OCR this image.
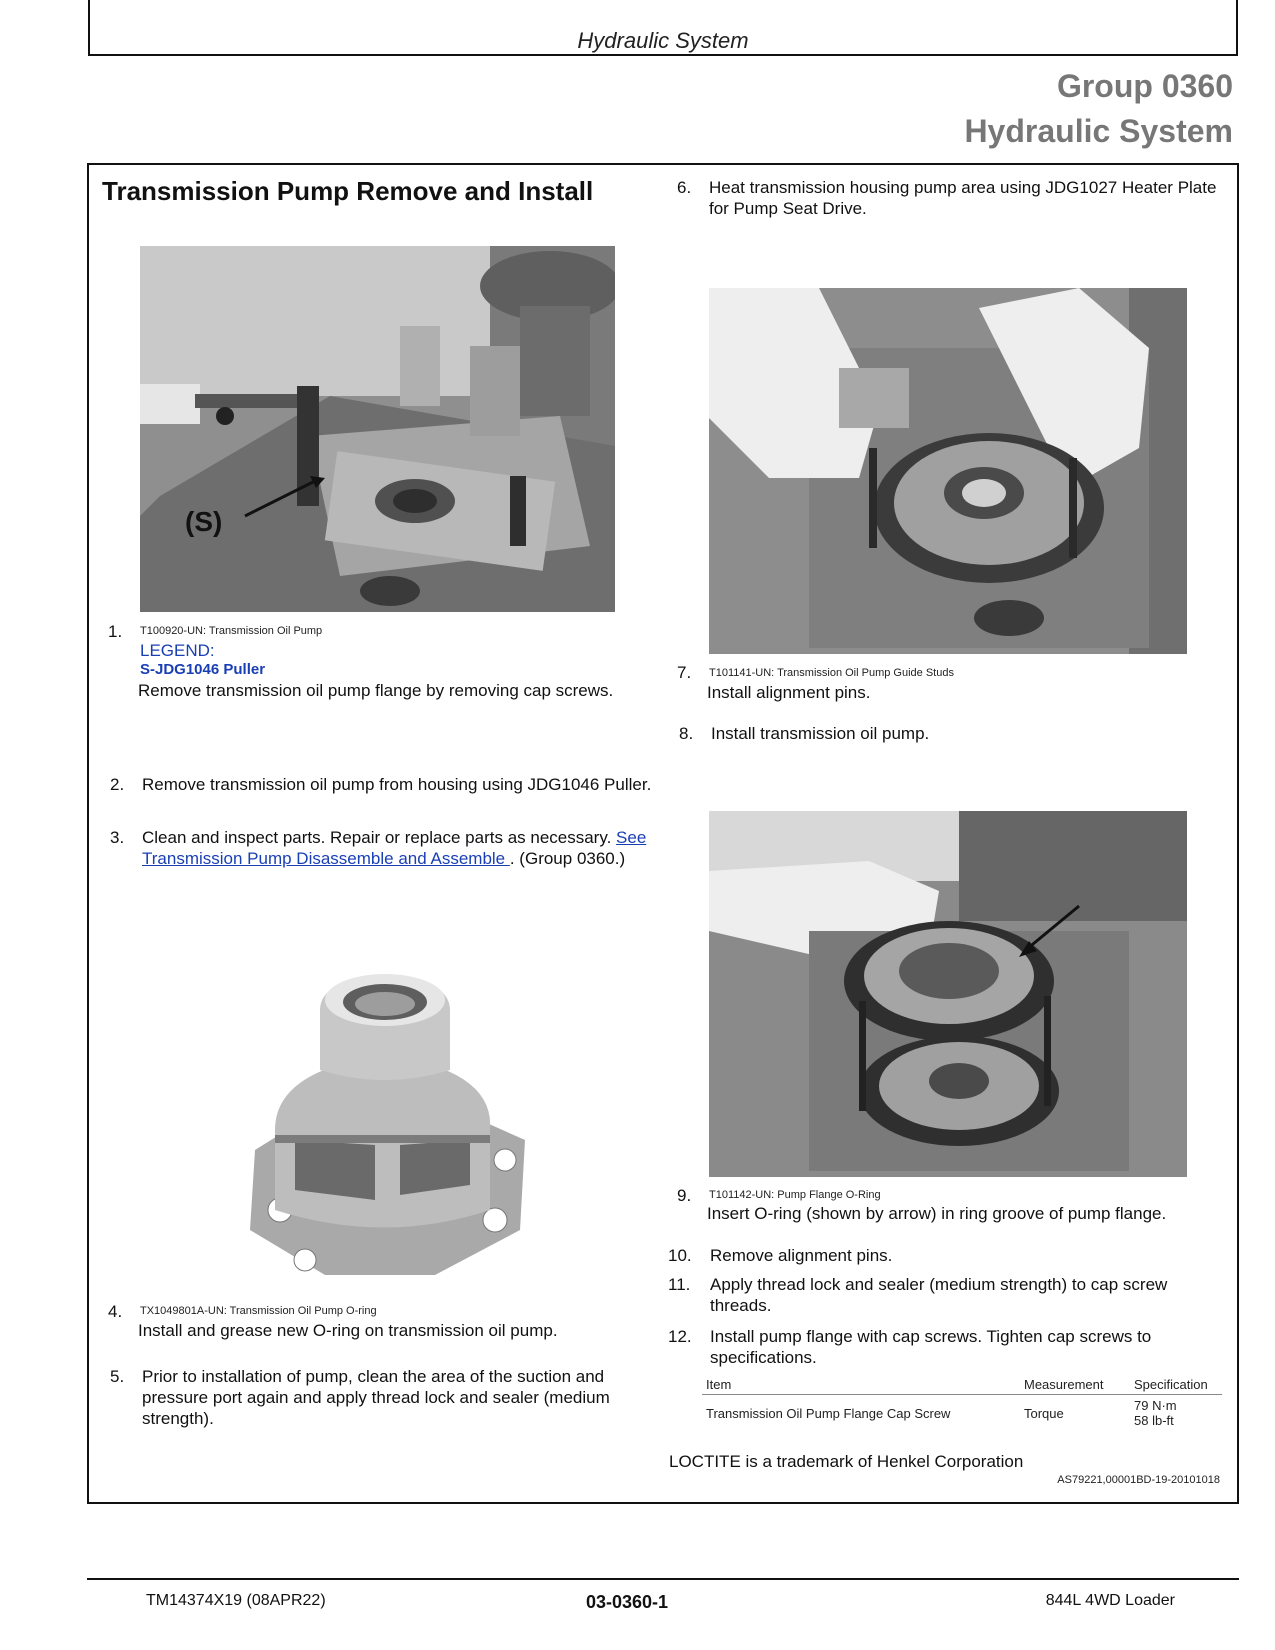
Hydraulic System
Group 0360
Hydraulic System
Transmission Pump Remove and Install
(S)
1. T100920-UN: Transmission Oil Pump
LEGEND:
S-JDG1046 Puller
Remove transmission oil pump flange by removing cap screws.
2. Remove transmission oil pump from housing using JDG1046 Puller.
3. Clean and inspect parts. Repair or replace parts as necessary. See Transmission Pump Disassemble and Assemble . (Group 0360.)
4. TX1049801A-UN: Transmission Oil Pump O-ring
Install and grease new O-ring on transmission oil pump.
5. Prior to installation of pump, clean the area of the suction and pressure port again and apply thread lock and sealer (medium strength).
6. Heat transmission housing pump area using JDG1027 Heater Plate for Pump Seat Drive.
7. T101141-UN: Transmission Oil Pump Guide Studs
Install alignment pins.
8. Install transmission oil pump.
9. T101142-UN: Pump Flange O-Ring
Insert O-ring (shown by arrow) in ring groove of pump flange.
10. Remove alignment pins.
11. Apply thread lock and sealer (medium strength) to cap screw threads.
12. Install pump flange with cap screws. Tighten cap screws to specifications.
Item	Measurement	Specification
Transmission Oil Pump Flange Cap Screw	Torque	79 N·m
58 lb-ft
LOCTITE is a trademark of Henkel Corporation
AS79221,00001BD-19-20101018
TM14374X19 (08APR22)	03-0360-1	844L 4WD Loader
